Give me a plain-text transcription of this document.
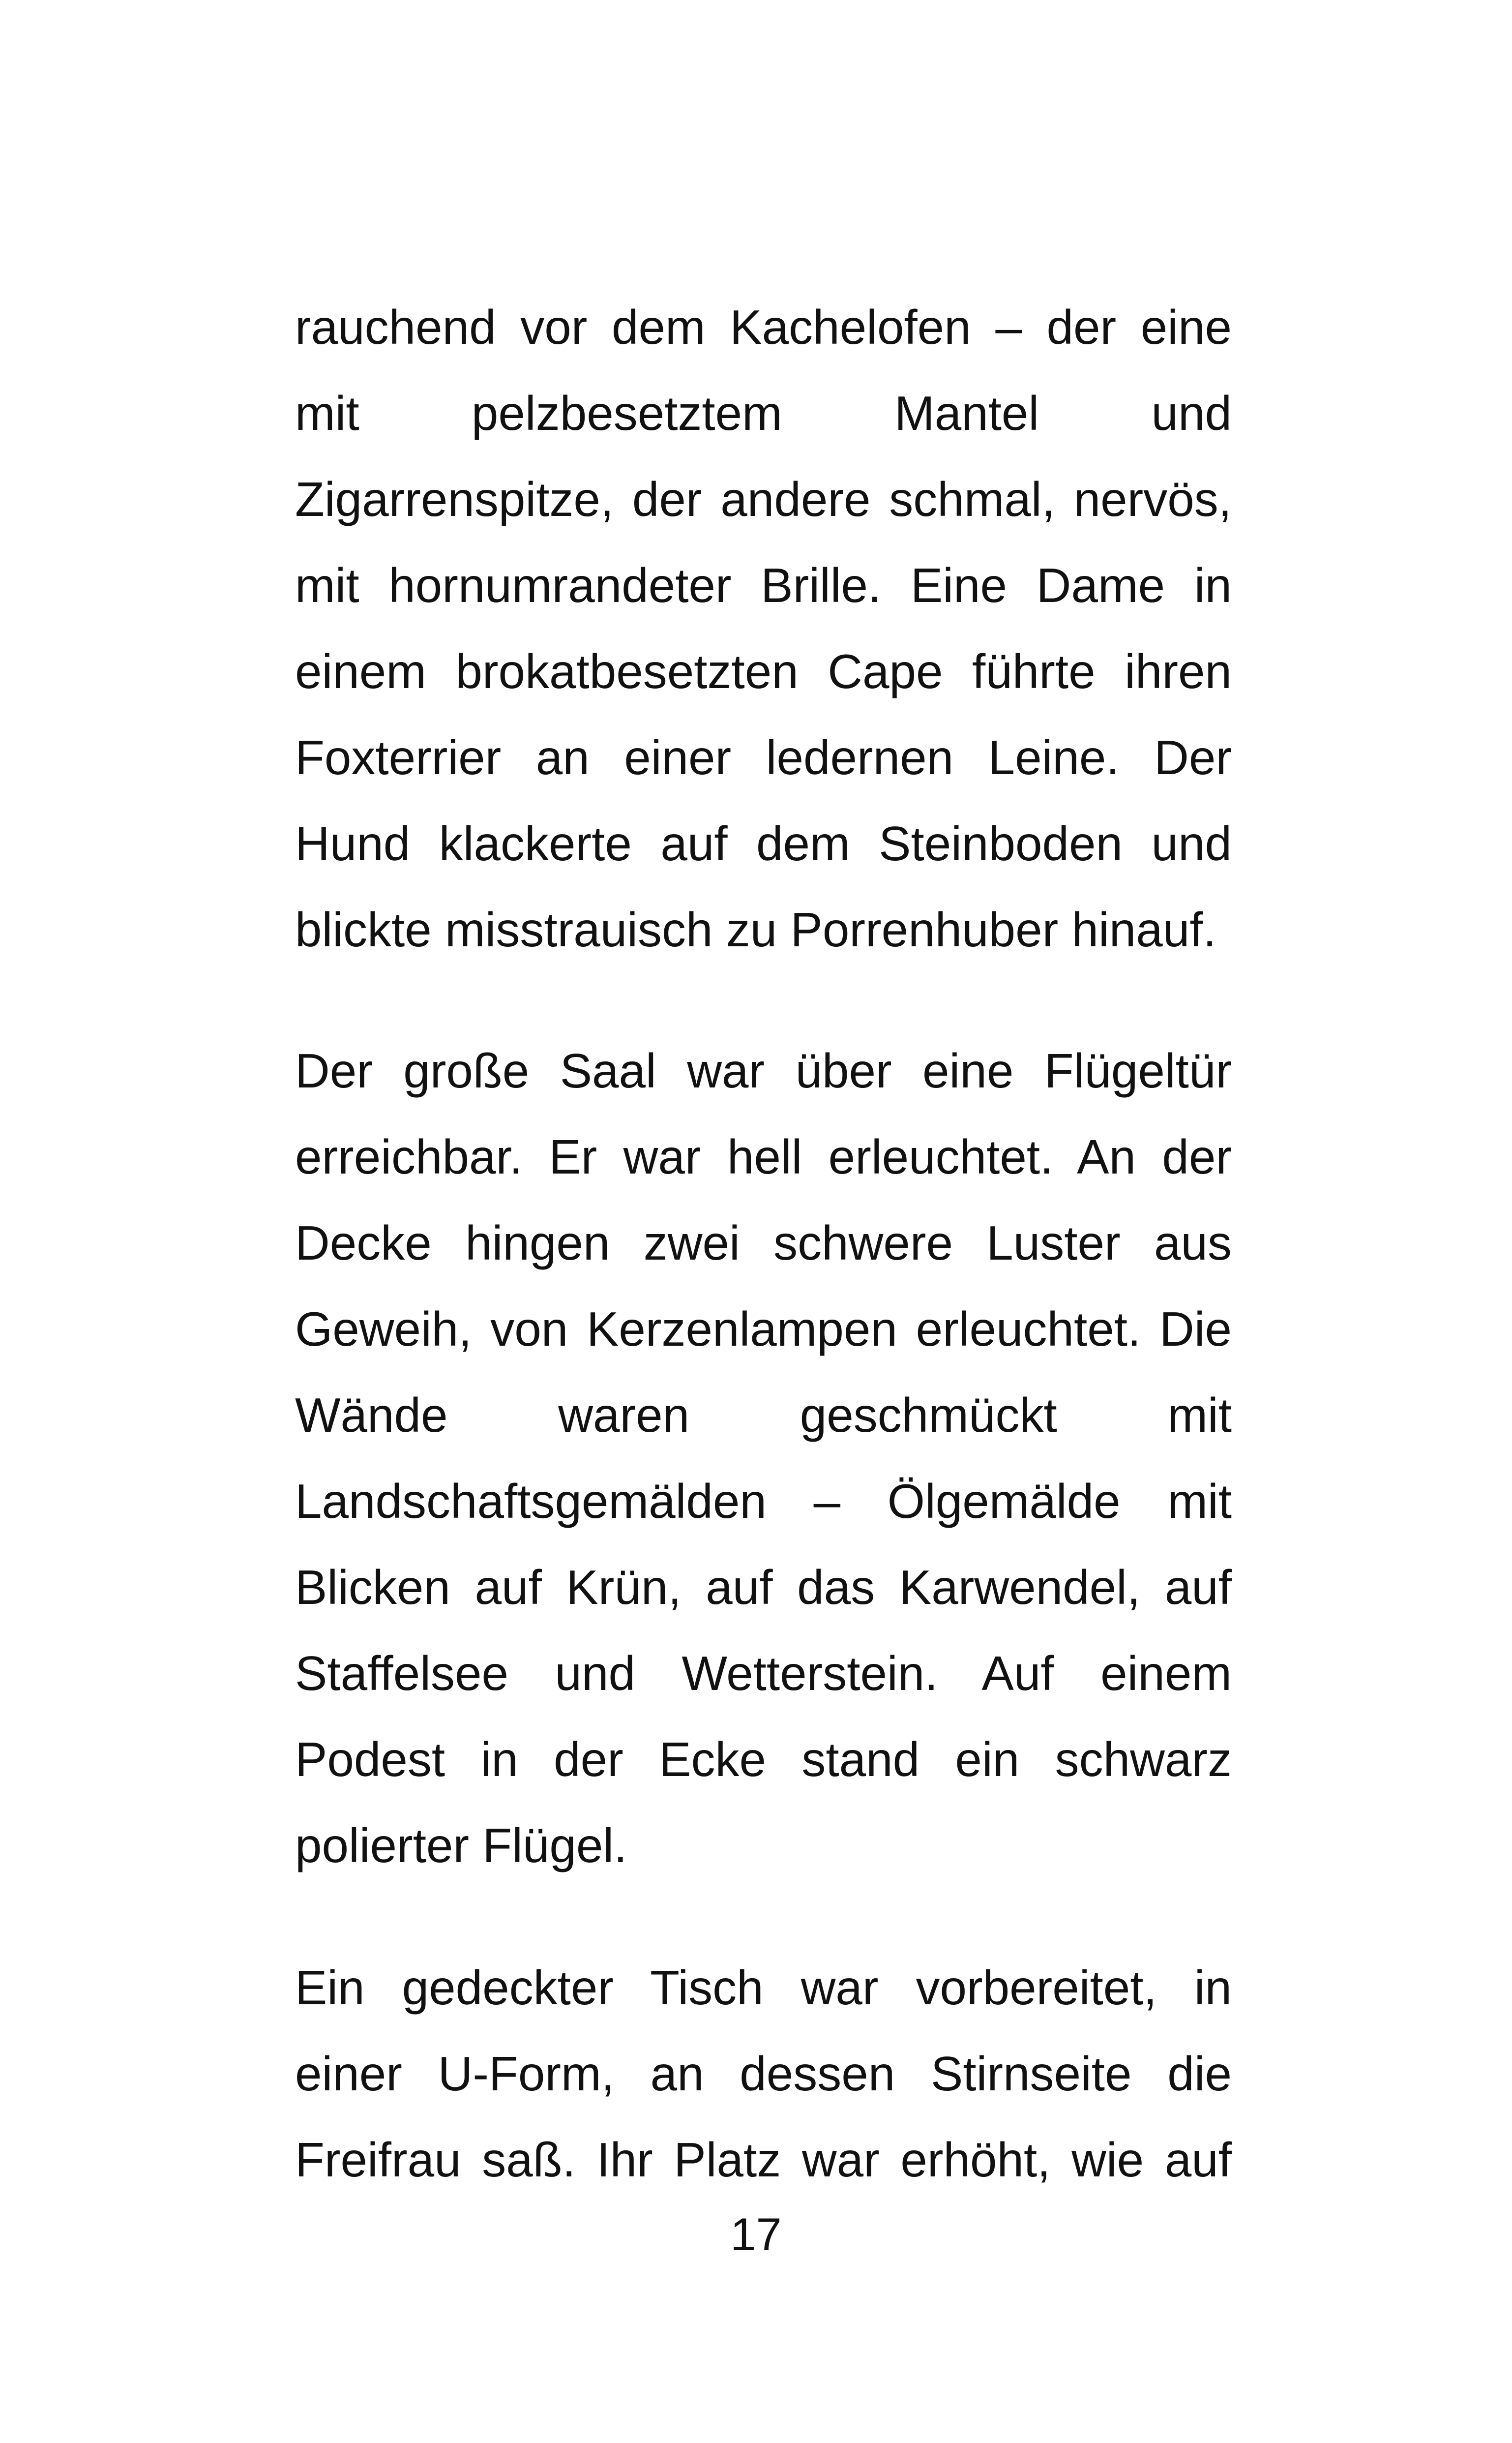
rauchend vor dem Kachelofen – der eine
mit pelzbesetztem Mantel und
Zigarrenspitze, der andere schmal, nervös,
mit hornumrandeter Brille. Eine Dame in
einem brokatbesetzten Cape führte ihren
Foxterrier an einer ledernen Leine. Der
Hund klackerte auf dem Steinboden und
blickte misstrauisch zu Porrenhuber hinauf.
Der große Saal war über eine Flügeltür
erreichbar. Er war hell erleuchtet. An der
Decke hingen zwei schwere Luster aus
Geweih, von Kerzenlampen erleuchtet. Die
Wände waren geschmückt mit
Landschaftsgemälden – Ölgemälde mit
Blicken auf Krün, auf das Karwendel, auf
Staffelsee und Wetterstein. Auf einem
Podest in der Ecke stand ein schwarz
polierter Flügel.
Ein gedeckter Tisch war vorbereitet, in
einer U-Form, an dessen Stirnseite die
Freifrau saß. Ihr Platz war erhöht, wie auf
17
